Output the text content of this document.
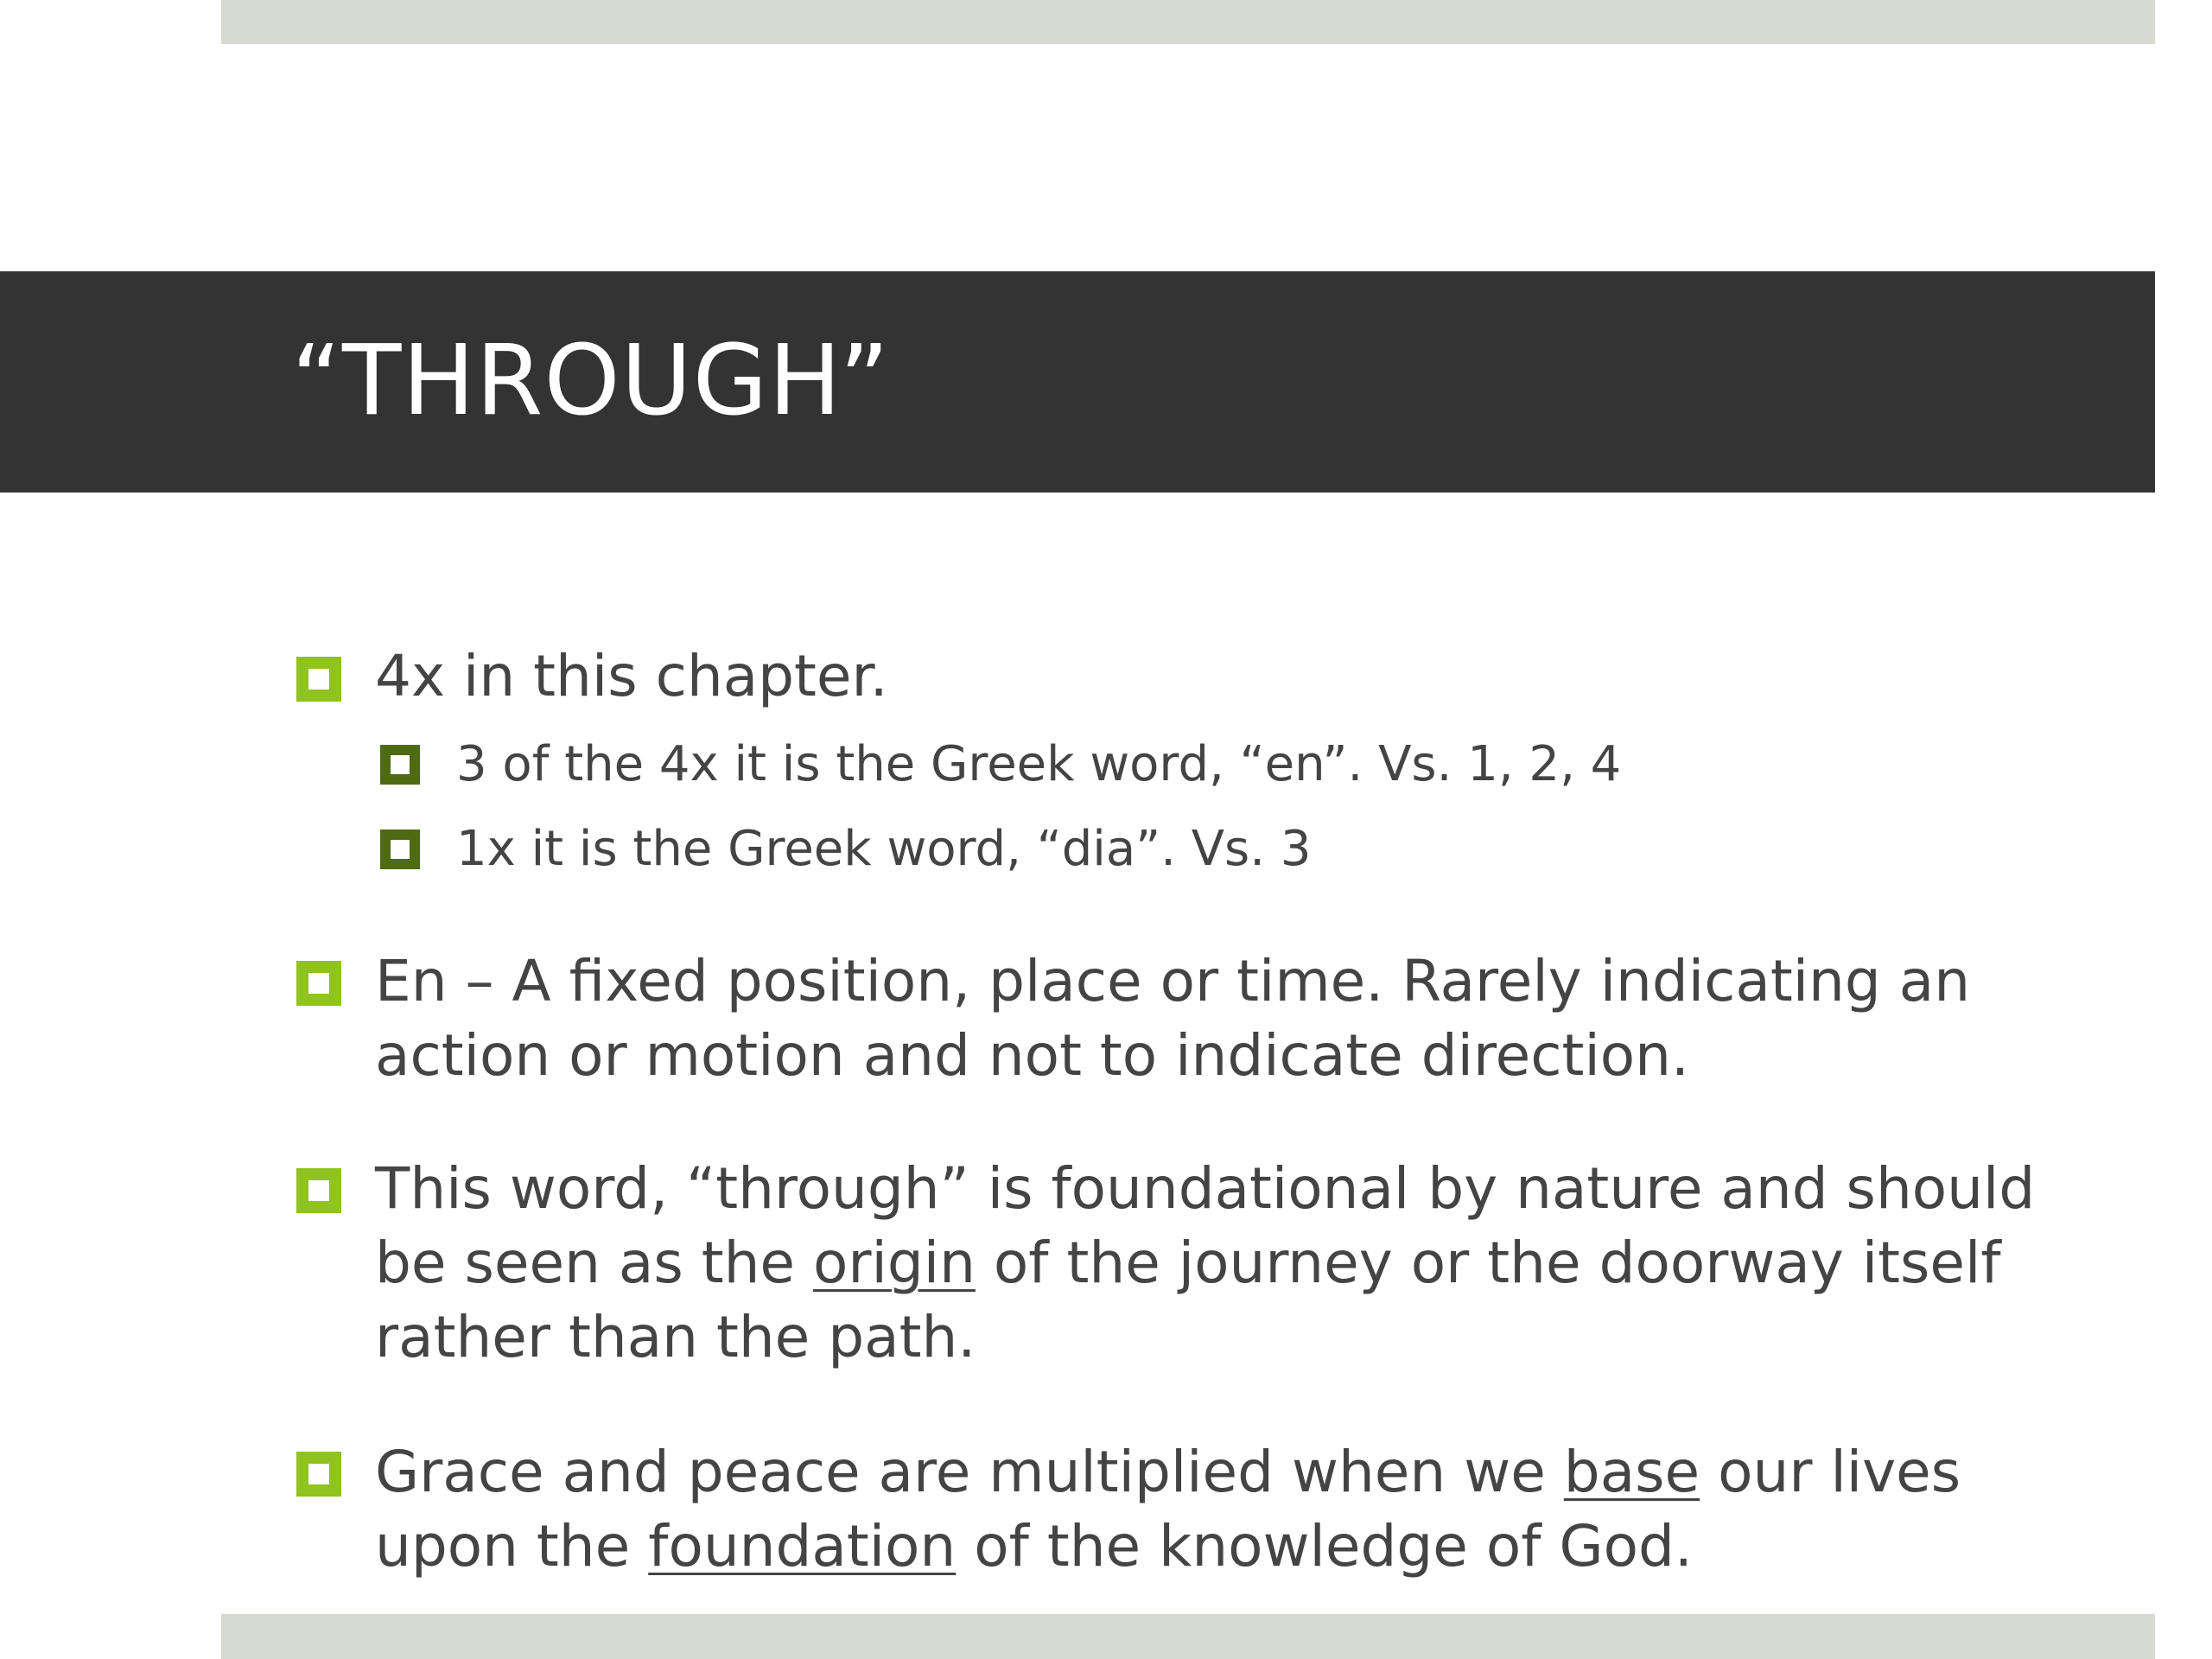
“THROUGH”
4x in this chapter.
3 of the 4x it is the Greek word, “en”. Vs. 1, 2, 4
1x it is the Greek word, “dia”. Vs. 3
En – A fixed position, place or time. Rarely indicating an
action or motion and not to indicate direction.
This word, “through” is foundational by nature and should
be seen as the origin of the journey or the doorway itself
rather than the path.
Grace and peace are multiplied when we base our lives
upon the foundation of the knowledge of God.
